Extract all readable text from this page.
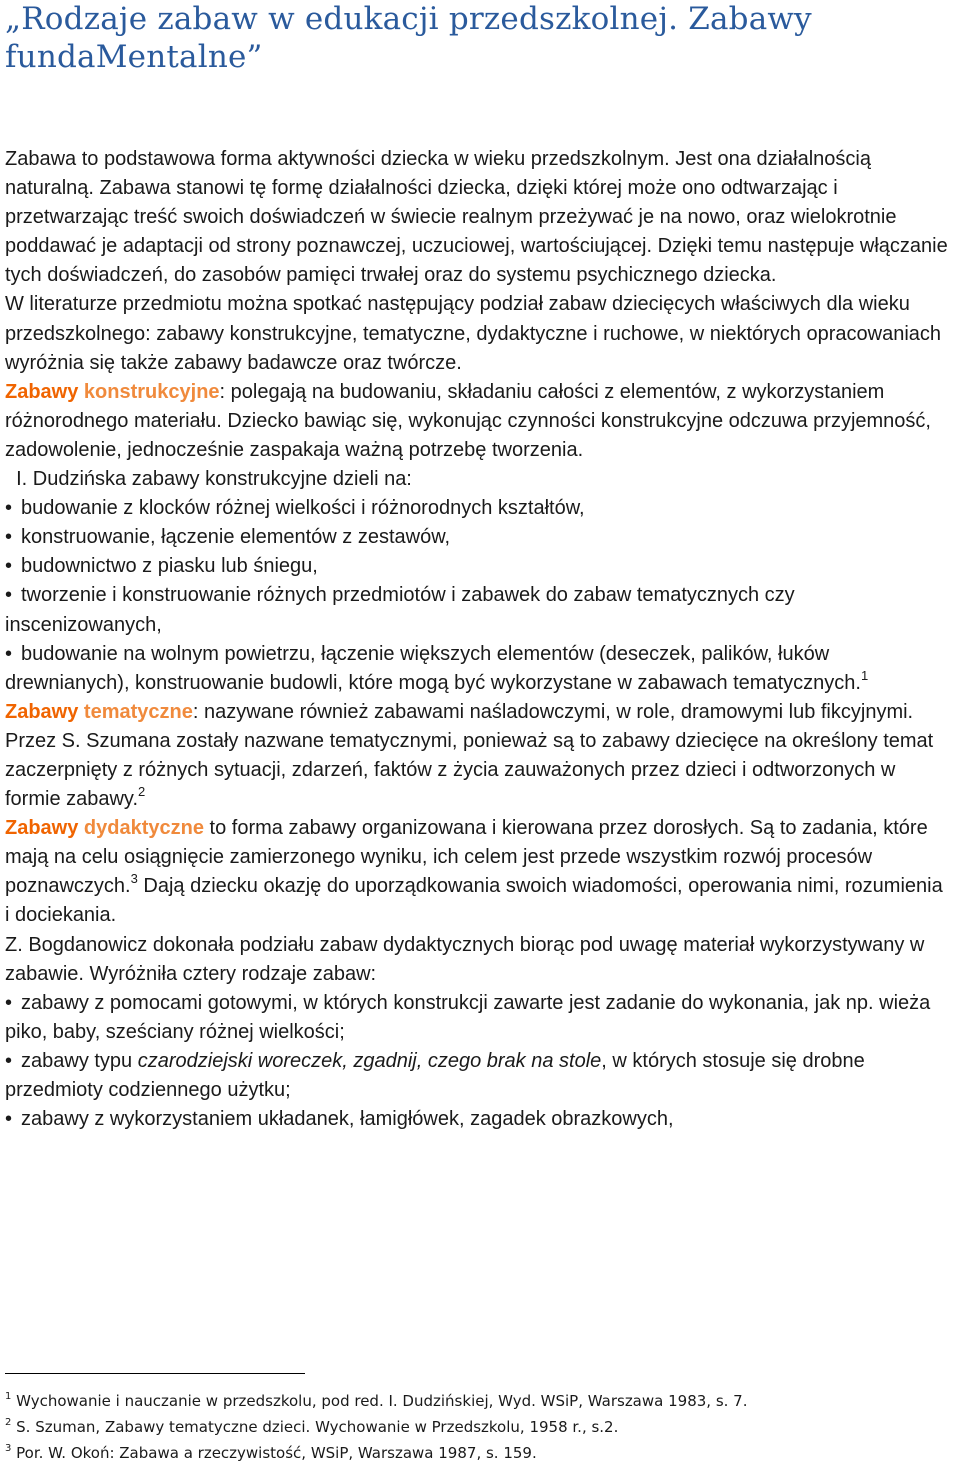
„Rodzaje zabaw w edukacji przedszkolnej. Zabawy
fundaMentalne”

Zabawa to podstawowa forma aktywności dziecka w wieku przedszkolnym. Jest ona działalnością naturalną. Zabawa stanowi tę formę działalności dziecka, dzięki której może ono odtwarzając i przetwarzając treść swoich doświadczeń w świecie realnym przeżywać je na nowo, oraz wielokrotnie poddawać je adaptacji od strony poznawczej, uczuciowej, wartościującej. Dzięki temu następuje włączanie tych doświadczeń, do zasobów pamięci trwałej oraz do systemu psychicznego dziecka.

W literaturze przedmiotu można spotkać następujący podział zabaw dziecięcych właściwych dla wieku przedszkolnego: zabawy konstrukcyjne, tematyczne, dydaktyczne i ruchowe, w niektórych opracowaniach wyróżnia się także zabawy badawcze oraz twórcze.

Zabawy konstrukcyjne: polegają na budowaniu, składaniu całości z elementów, z wykorzystaniem różnorodnego materiału. Dziecko bawiąc się, wykonując czynności konstrukcyjne odczuwa przyjemność, zadowolenie, jednocześnie zaspakaja ważną potrzebę tworzenia.

I. Dudzińska zabawy konstrukcyjne dzieli na:

• budowanie z klocków różnej wielkości i różnorodnych kształtów,

• konstruowanie, łączenie elementów z zestawów,

• budownictwo z piasku lub śniegu,

• tworzenie i konstruowanie różnych przedmiotów i zabawek do zabaw tematycznych czy inscenizowanych,

• budowanie na wolnym powietrzu, łączenie większych elementów (deseczek, palików, łuków drewnianych), konstruowanie budowli, które mogą być wykorzystane w zabawach tematycznych.$^1$

Zabawy tematyczne: nazywane również zabawami naśladowczymi, w role, dramowymi lub fikcyjnymi. Przez S. Szumana zostały nazwane tematycznymi, ponieważ są to zabawy dziecięce na określony temat zaczerpnięty z różnych sytuacji, zdarzeń, faktów z życia zauważonych przez dzieci i odtworzonych w formie zabawy.$^2$

Zabawy dydaktyczne to forma zabawy organizowana i kierowana przez dorosłych. Są to zadania, które mają na celu osiągnięcie zamierzonego wyniku, ich celem jest przede wszystkim rozwój procesów poznawczych.$^3$ Dają dziecku okazję do uporządkowania swoich wiadomości, operowania nimi, rozumienia i dociekania.

Z. Bogdanowicz dokonała podziału zabaw dydaktycznych biorąc pod uwagę materiał wykorzystywany w zabawie. Wyróżniła cztery rodzaje zabaw:

• zabawy z pomocami gotowymi, w których konstrukcji zawarte jest zadanie do wykonania, jak np. wieża piko, baby, sześciany różnej wielkości;

• zabawy typu czarodziejski woreczek, zgadnij, czego brak na stole, w których stosuje się drobne przedmioty codziennego użytku;

• zabawy z wykorzystaniem układanek, łamigłówek, zagadek obrazkowych,

$^1$ Wychowanie i nauczanie w przedszkolu, pod red. I. Dudzińskiej, Wyd. WSiP, Warszawa 1983, s. 7.

$^2$ S. Szuman, Zabawy tematyczne dzieci. Wychowanie w Przedszkolu, 1958 r., s.2.

$^3$ Por. W. Okoń: Zabawa a rzeczywistość, WSiP, Warszawa 1987, s. 159.
